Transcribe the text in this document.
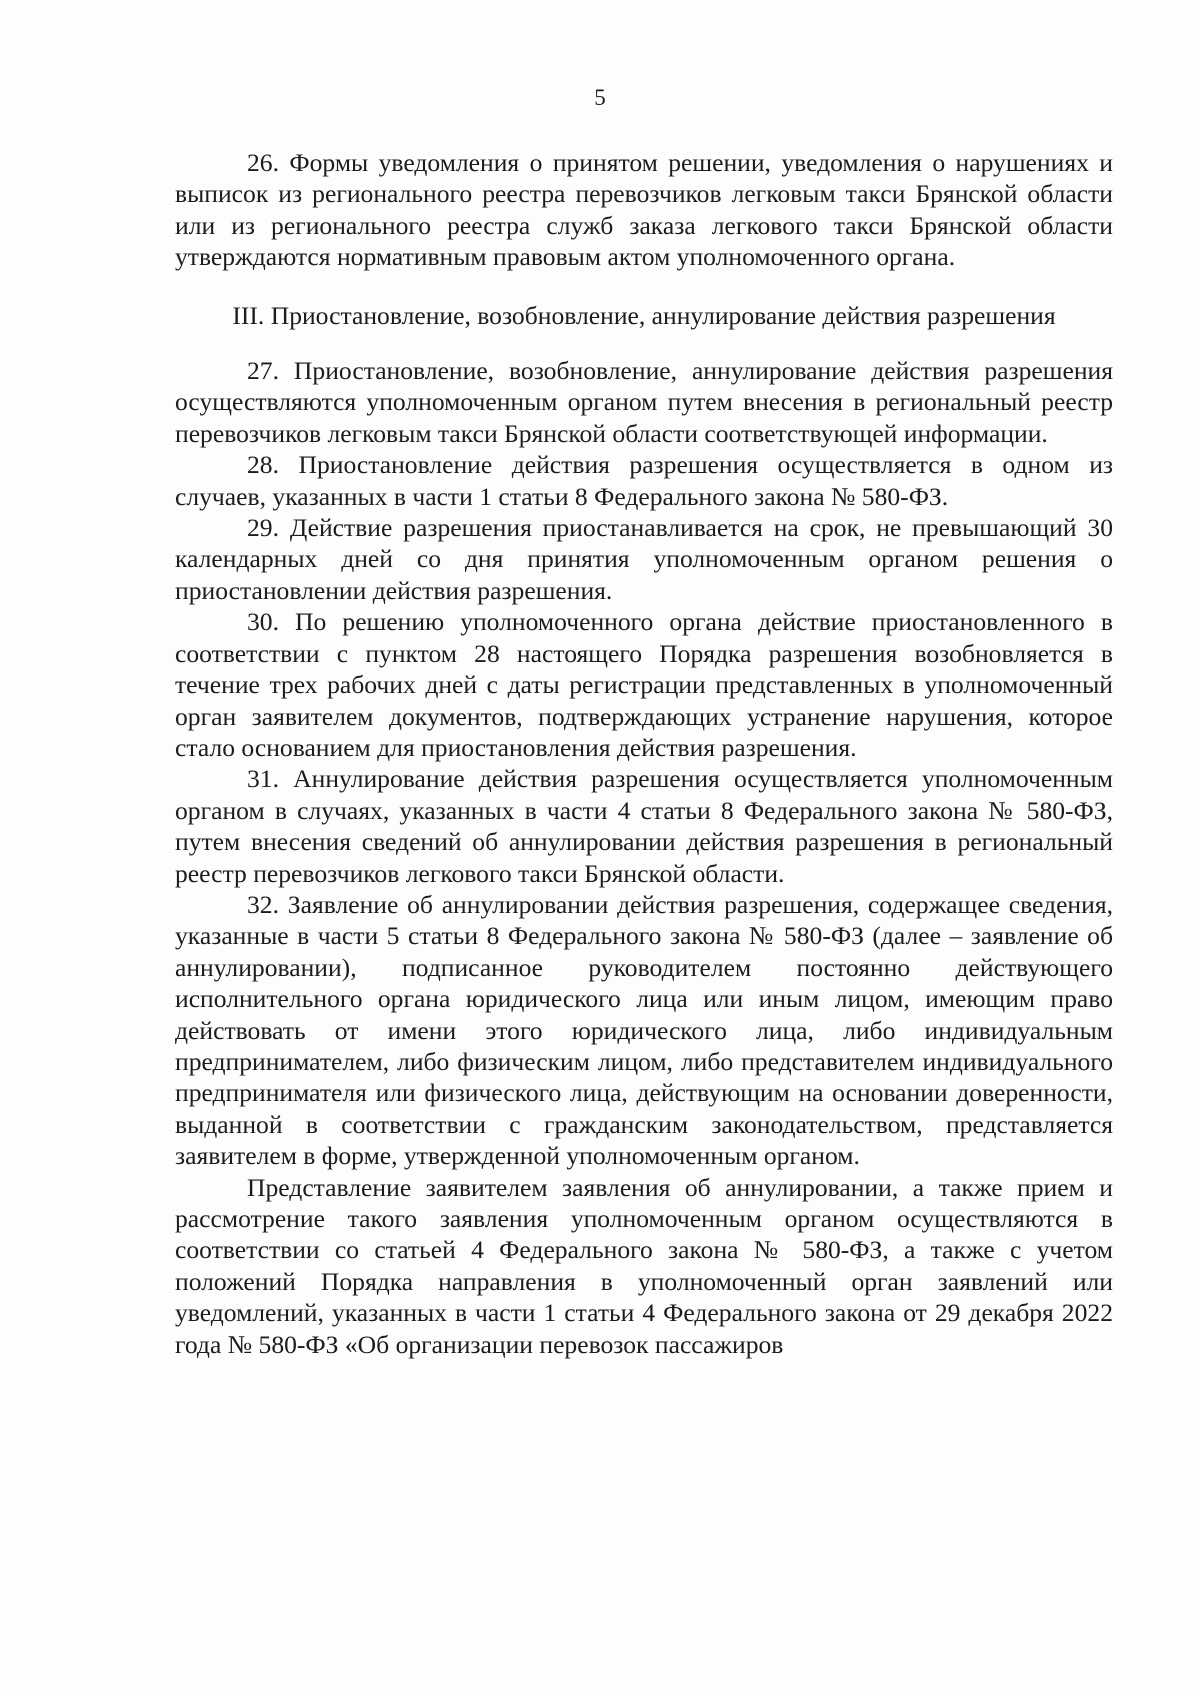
5

26. Формы уведомления о принятом решении, уведомления о нарушениях и выписок из регионального реестра перевозчиков легковым такси Брянской области или из регионального реестра служб заказа легкового такси Брянской области утверждаются нормативным правовым актом уполномоченного органа.

III. Приостановление, возобновление, аннулирование действия разрешения

27. Приостановление, возобновление, аннулирование действия разрешения осуществляются уполномоченным органом путем внесения в региональный реестр перевозчиков легковым такси Брянской области соответствующей информации.

28. Приостановление действия разрешения осуществляется в одном из случаев, указанных в части 1 статьи 8 Федерального закона № 580-ФЗ.

29. Действие разрешения приостанавливается на срок, не превышающий 30 календарных дней со дня принятия уполномоченным органом решения о приостановлении действия разрешения.

30. По решению уполномоченного органа действие приостановленного в соответствии с пунктом 28 настоящего Порядка разрешения возобновляется в течение трех рабочих дней с даты регистрации представленных в уполномоченный орган заявителем документов, подтверждающих устранение нарушения, которое стало основанием для приостановления действия разрешения.

31. Аннулирование действия разрешения осуществляется уполномоченным органом в случаях, указанных в части 4 статьи 8 Федерального закона № 580-ФЗ, путем внесения сведений об аннулировании действия разрешения в региональный реестр перевозчиков легкового такси Брянской области.

32. Заявление об аннулировании действия разрешения, содержащее сведения, указанные в части 5 статьи 8 Федерального закона № 580-ФЗ (далее – заявление об аннулировании), подписанное руководителем постоянно действующего исполнительного органа юридического лица или иным лицом, имеющим право действовать от имени этого юридического лица, либо индивидуальным предпринимателем, либо физическим лицом, либо представителем индивидуального предпринимателя или физического лица, действующим на основании доверенности, выданной в соответствии с гражданским законодательством, представляется заявителем в форме, утвержденной уполномоченным органом.

Представление заявителем заявления об аннулировании, а также прием и рассмотрение такого заявления уполномоченным органом осуществляются в соответствии со статьей 4 Федерального закона № 580-ФЗ, а также с учетом положений Порядка направления в уполномоченный орган заявлений или уведомлений, указанных в части 1 статьи 4 Федерального закона от 29 декабря 2022 года № 580-ФЗ «Об организации перевозок пассажиров
